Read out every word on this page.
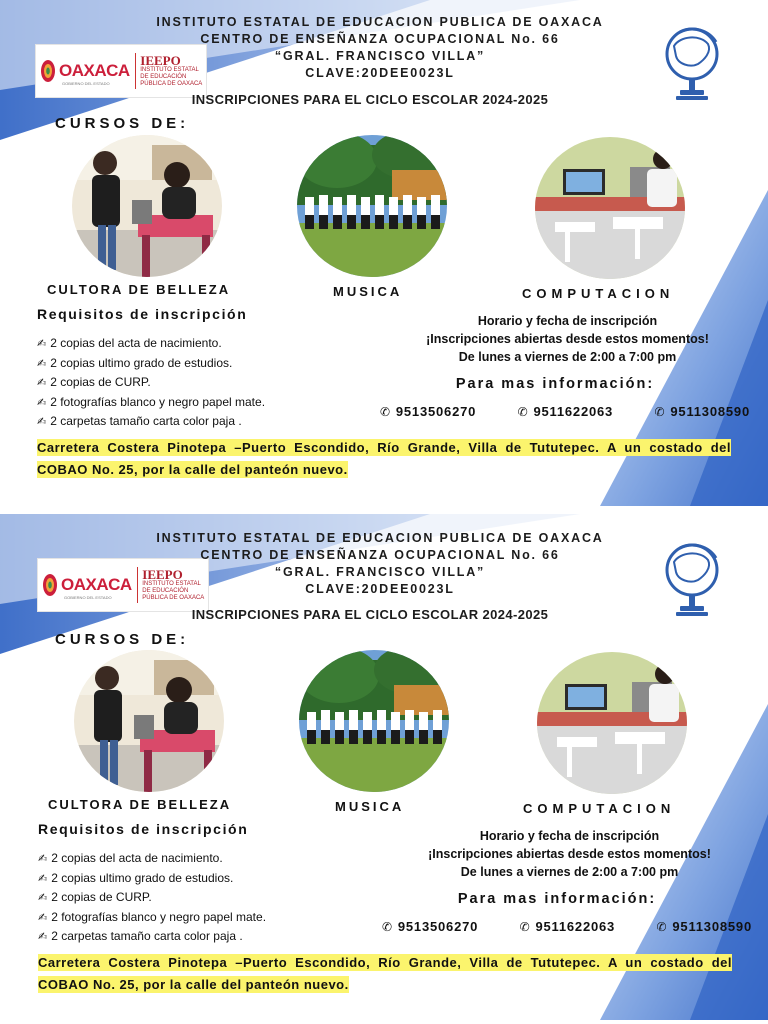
OAXACA
GOBIERNO DEL ESTADO
IEEPO
INSTITUTO ESTATAL
DE EDUCACIÓN PÚBLICA DE OAXACA
INSTITUTO ESTATAL DE EDUCACION PUBLICA DE OAXACA
CENTRO DE ENSEÑANZA OCUPACIONAL No. 66
“GRAL. FRANCISCO VILLA”
CLAVE:20DEE0023L
INSCRIPCIONES PARA EL CICLO ESCOLAR 2024-2025
CURSOS DE:
CULTORA DE BELLEZA	MUSICA	COMPUTACION
Requisitos de inscripción
✍ 2 copias del acta de nacimiento.
✍ 2 copias ultimo grado de estudios.
✍ 2 copias de CURP.
✍ 2 fotografías blanco y negro papel mate.
✍ 2 carpetas tamaño carta color paja .
Horario y fecha de inscripción
¡Inscripciones abiertas desde estos momentos!
De lunes a viernes de 2:00 a 7:00 pm
Para mas información:
✆ 9513506270	✆ 9511622063	✆ 9511308590
Carretera Costera Pinotepa –Puerto Escondido, Río Grande, Villa de Tututepec. A un costado del COBAO No. 25, por la calle del panteón nuevo.
OAXACA
GOBIERNO DEL ESTADO
IEEPO
INSTITUTO ESTATAL
DE EDUCACIÓN PÚBLICA DE OAXACA
INSTITUTO ESTATAL DE EDUCACION PUBLICA DE OAXACA
CENTRO DE ENSEÑANZA OCUPACIONAL No. 66
“GRAL. FRANCISCO VILLA”
CLAVE:20DEE0023L
INSCRIPCIONES PARA EL CICLO ESCOLAR 2024-2025
CURSOS DE:
CULTORA DE BELLEZA	MUSICA	COMPUTACION
Requisitos de inscripción
✍ 2 copias del acta de nacimiento.
✍ 2 copias ultimo grado de estudios.
✍ 2 copias de CURP.
✍ 2 fotografías blanco y negro papel mate.
✍ 2 carpetas tamaño carta color paja .
Horario y fecha de inscripción
¡Inscripciones abiertas desde estos momentos!
De lunes a viernes de 2:00 a 7:00 pm
Para mas información:
✆ 9513506270	✆ 9511622063	✆ 9511308590
Carretera Costera Pinotepa –Puerto Escondido, Río Grande, Villa de Tututepec. A un costado del COBAO No. 25, por la calle del panteón nuevo.
